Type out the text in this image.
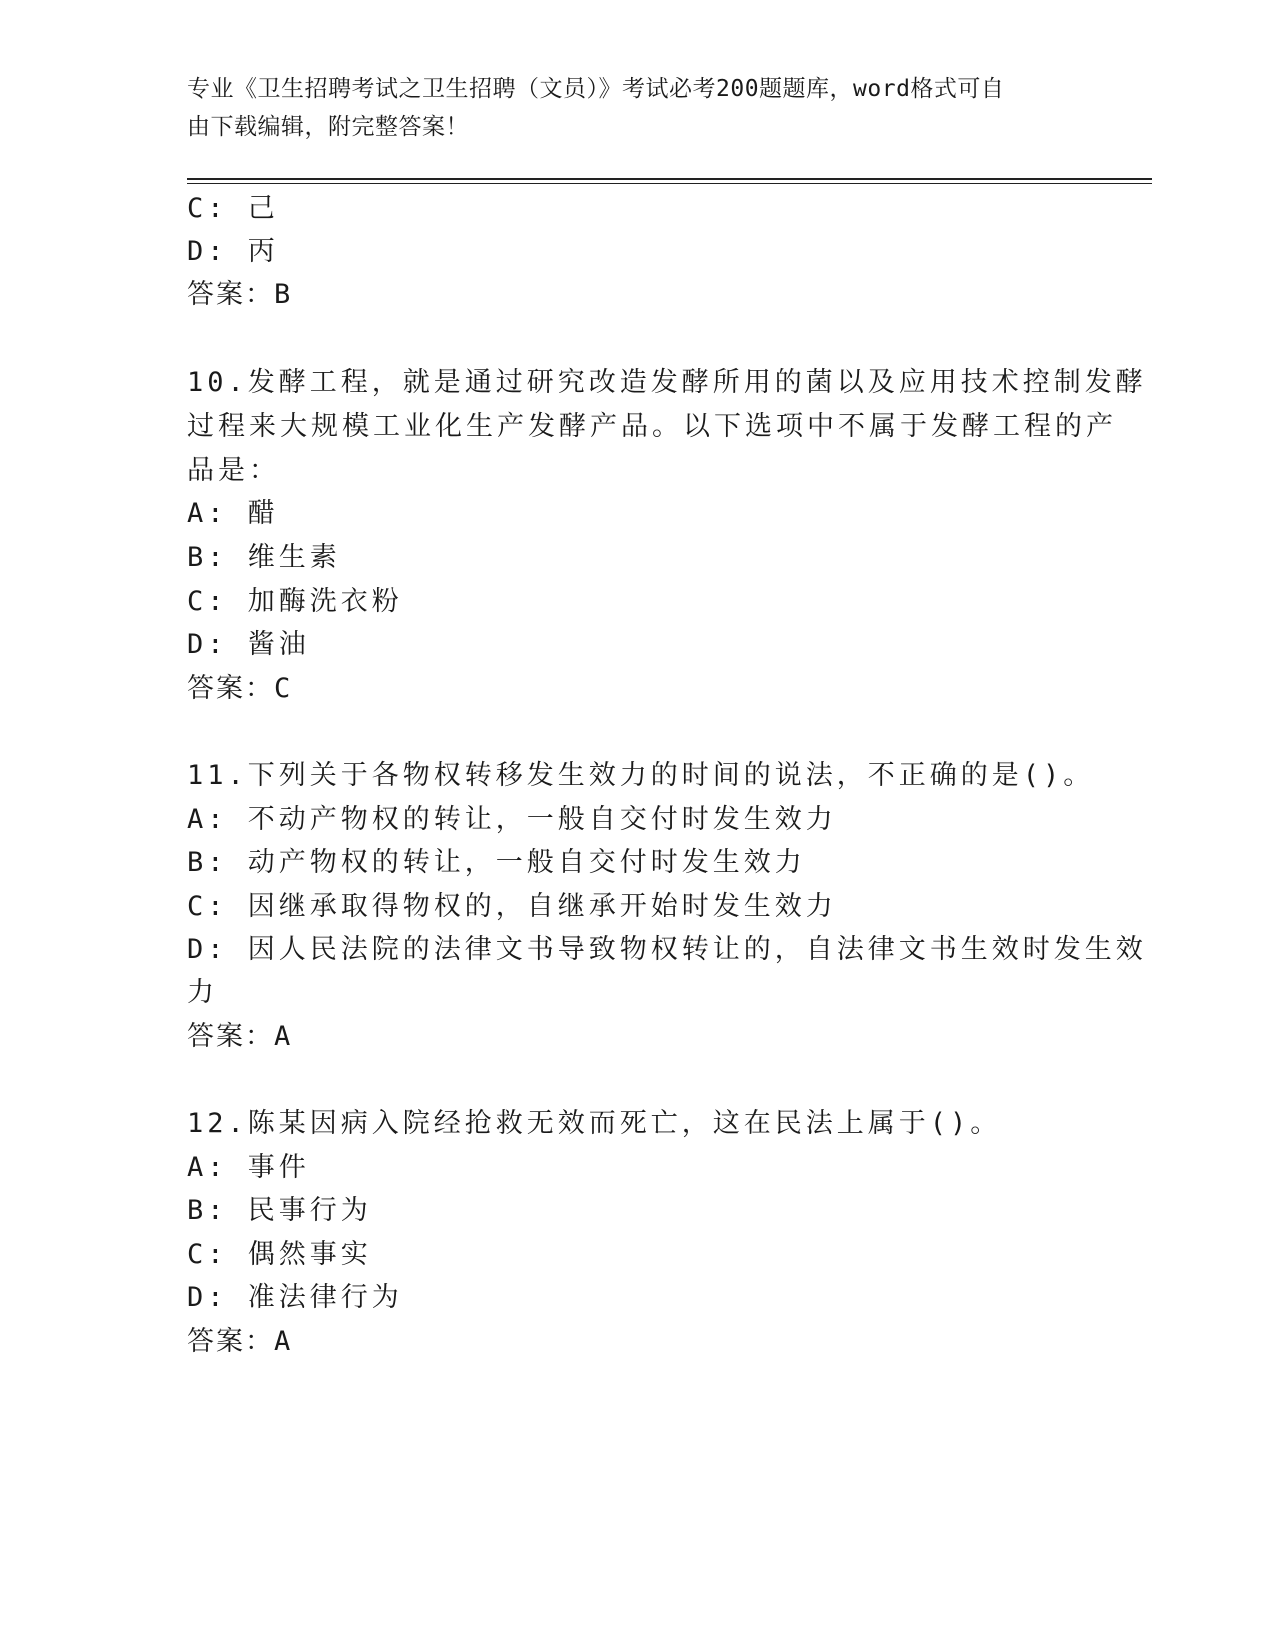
专业《卫生招聘考试之卫生招聘（文员）》考试必考200题题库，word格式可自
由下载编辑，附完整答案！
C: 己
D: 丙
答案：B
10.发酵工程，就是通过研究改造发酵所用的菌以及应用技术控制发酵
过程来大规模工业化生产发酵产品。以下选项中不属于发酵工程的产
品是：
A: 醋
B: 维生素
C: 加酶洗衣粉
D: 酱油
答案：C
11.下列关于各物权转移发生效力的时间的说法，不正确的是()。
A: 不动产物权的转让，一般自交付时发生效力
B: 动产物权的转让，一般自交付时发生效力
C: 因继承取得物权的，自继承开始时发生效力
D: 因人民法院的法律文书导致物权转让的，自法律文书生效时发生效
力
答案：A
12.陈某因病入院经抢救无效而死亡，这在民法上属于()。
A: 事件
B: 民事行为
C: 偶然事实
D: 准法律行为
答案：A
